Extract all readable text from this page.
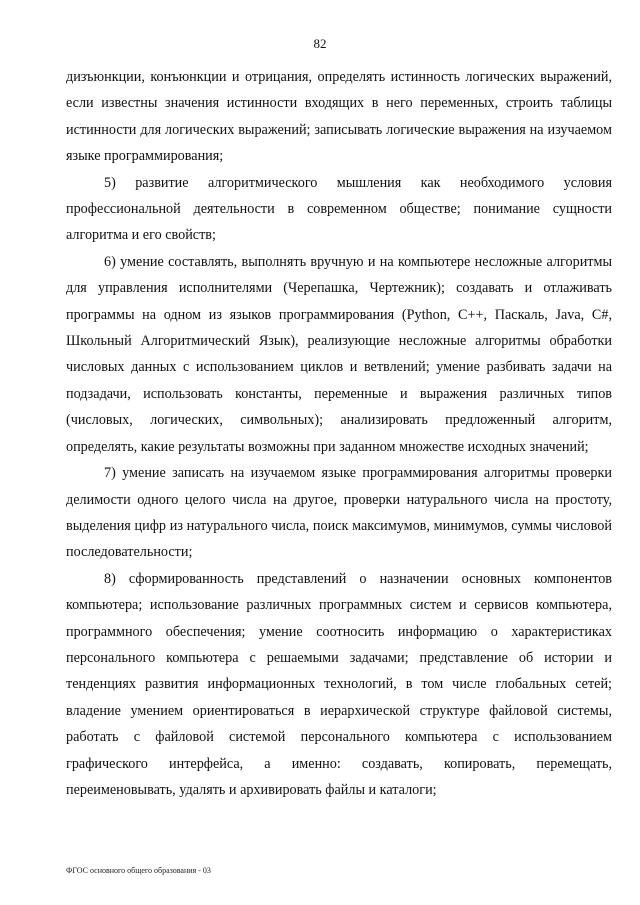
82

дизъюнкции, конъюнкции и отрицания, определять истинность логических выражений, если известны значения истинности входящих в него переменных, строить таблицы истинности для логических выражений; записывать логические выражения на изучаемом языке программирования;

5) развитие алгоритмического мышления как необходимого условия профессиональной деятельности в современном обществе; понимание сущности алгоритма и его свойств;

6) умение составлять, выполнять вручную и на компьютере несложные алгоритмы для управления исполнителями (Черепашка, Чертежник); создавать и отлаживать программы на одном из языков программирования (Python, C++, Паскаль, Java, C#, Школьный Алгоритмический Язык), реализующие несложные алгоритмы обработки числовых данных с использованием циклов и ветвлений; умение разбивать задачи на подзадачи, использовать константы, переменные и выражения различных типов (числовых, логических, символьных); анализировать предложенный алгоритм, определять, какие результаты возможны при заданном множестве исходных значений;

7) умение записать на изучаемом языке программирования алгоритмы проверки делимости одного целого числа на другое, проверки натурального числа на простоту, выделения цифр из натурального числа, поиск максимумов, минимумов, суммы числовой последовательности;

8) сформированность представлений о назначении основных компонентов компьютера; использование различных программных систем и сервисов компьютера, программного обеспечения; умение соотносить информацию о характеристиках персонального компьютера с решаемыми задачами; представление об истории и тенденциях развития информационных технологий, в том числе глобальных сетей; владение умением ориентироваться в иерархической структуре файловой системы, работать с файловой системой персонального компьютера с использованием графического интерфейса, а именно: создавать, копировать, перемещать, переименовывать, удалять и архивировать файлы и каталоги;

ФГОС основного общего образования - 03
